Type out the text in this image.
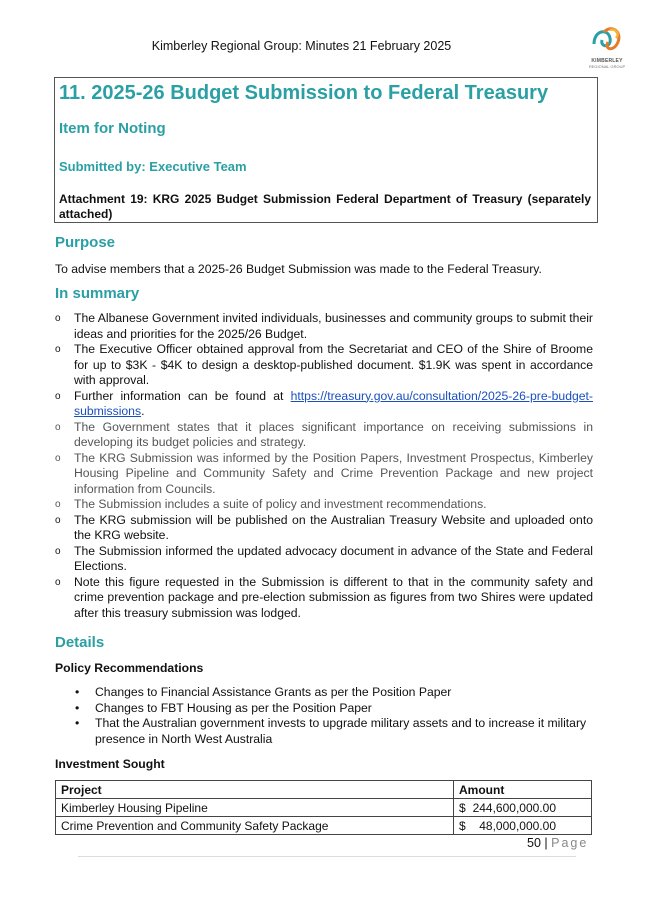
Kimberley Regional Group: Minutes 21 February 2025
KIMBERLEY
REGIONAL GROUP
11. 2025-26 Budget Submission to Federal Treasury
Item for Noting
Submitted by: Executive Team
Attachment 19: KRG 2025 Budget Submission Federal Department of Treasury (separately attached)
Purpose
To advise members that a 2025-26 Budget Submission was made to the Federal Treasury.
In summary
o The Albanese Government invited individuals, businesses and community groups to submit their ideas and priorities for the 2025/26 Budget.
o The Executive Officer obtained approval from the Secretariat and CEO of the Shire of Broome for up to $3K - $4K to design a desktop-published document. $1.9K was spent in accordance with approval.
o Further information can be found at https://treasury.gov.au/consultation/2025-26-pre-budget-submissions.
o The Government states that it places significant importance on receiving submissions in developing its budget policies and strategy.
o The KRG Submission was informed by the Position Papers, Investment Prospectus, Kimberley Housing Pipeline and Community Safety and Crime Prevention Package and new project information from Councils.
o The Submission includes a suite of policy and investment recommendations.
o The KRG submission will be published on the Australian Treasury Website and uploaded onto the KRG website.
o The Submission informed the updated advocacy document in advance of the State and Federal Elections.
o Note this figure requested in the Submission is different to that in the community safety and crime prevention package and pre-election submission as figures from two Shires were updated after this treasury submission was lodged.
Details
Policy Recommendations
• Changes to Financial Assistance Grants as per the Position Paper
• Changes to FBT Housing as per the Position Paper
• That the Australian government invests to upgrade military assets and to increase it military presence in North West Australia
Investment Sought
Project	Amount
Kimberley Housing Pipeline	$ 244,600,000.00

Crime Prevention and Community Safety Package	$ 48,000,000.00
50 | Page
